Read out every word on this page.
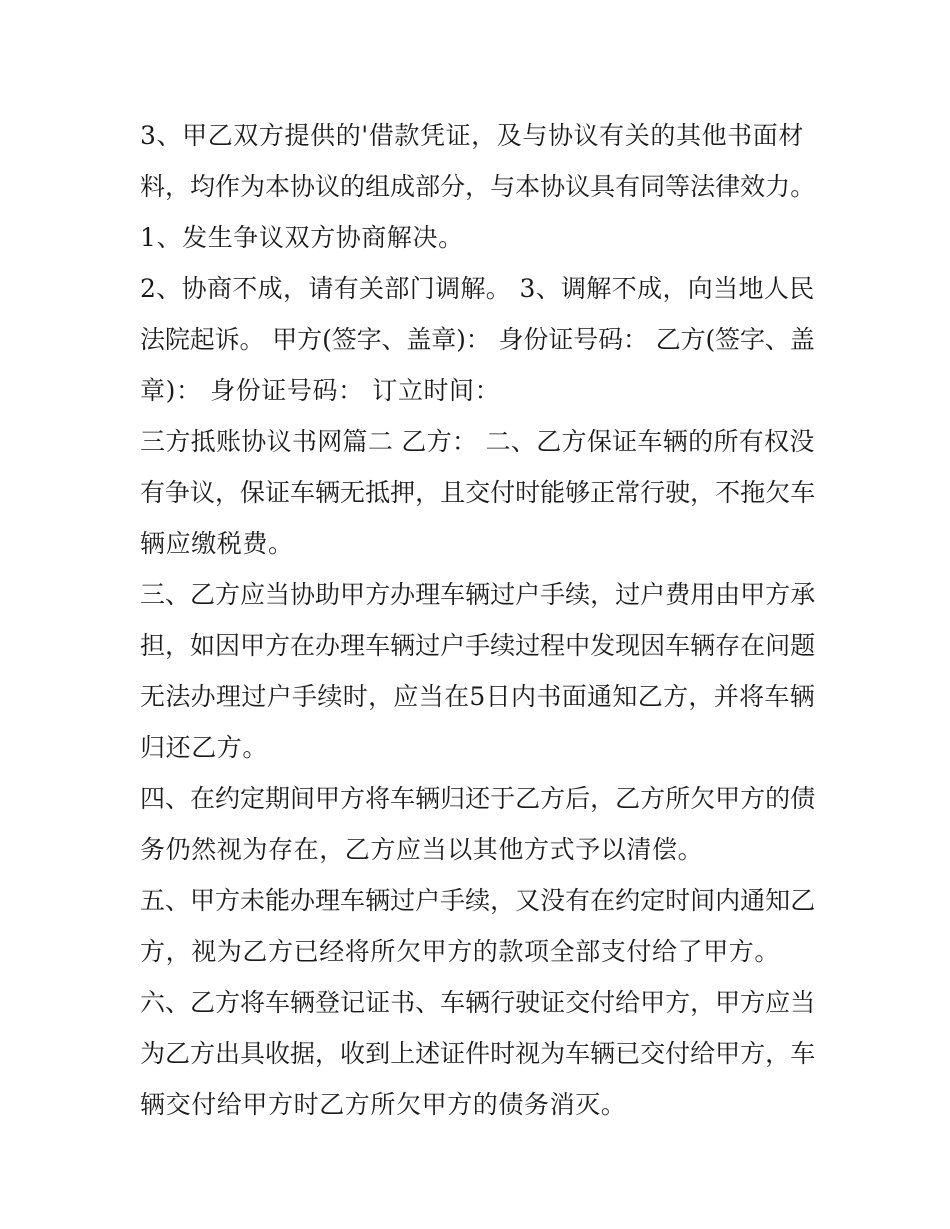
3、甲乙双方提供的'借款凭证，及与协议有关的其他书面材
料，均作为本协议的组成部分，与本协议具有同等法律效力。

1、发生争议双方协商解决。

2、协商不成，请有关部门调解。 3、调解不成，向当地人民
法院起诉。 甲方(签字、盖章)： 身份证号码： 乙方(签字、盖
章)： 身份证号码： 订立时间：

三方抵账协议书网篇二 乙方： 二、乙方保证车辆的所有权没
有争议，保证车辆无抵押，且交付时能够正常行驶，不拖欠车
辆应缴税费。

三、乙方应当协助甲方办理车辆过户手续，过户费用由甲方承
担，如因甲方在办理车辆过户手续过程中发现因车辆存在问题
无法办理过户手续时，应当在5日内书面通知乙方，并将车辆
归还乙方。

四、在约定期间甲方将车辆归还于乙方后，乙方所欠甲方的债
务仍然视为存在，乙方应当以其他方式予以清偿。

五、甲方未能办理车辆过户手续，又没有在约定时间内通知乙
方，视为乙方已经将所欠甲方的款项全部支付给了甲方。

六、乙方将车辆登记证书、车辆行驶证交付给甲方，甲方应当
为乙方出具收据，收到上述证件时视为车辆已交付给甲方，车
辆交付给甲方时乙方所欠甲方的债务消灭。
